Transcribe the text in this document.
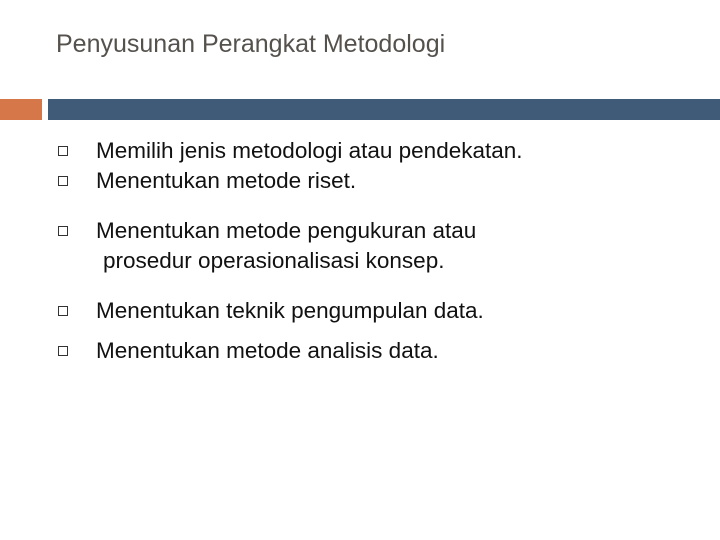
Penyusunan Perangkat Metodologi
Memilih jenis metodologi atau pendekatan.
Menentukan metode riset.
Menentukan metode pengukuran atau
prosedur operasionalisasi konsep.
Menentukan teknik pengumpulan data.
Menentukan metode analisis data.
